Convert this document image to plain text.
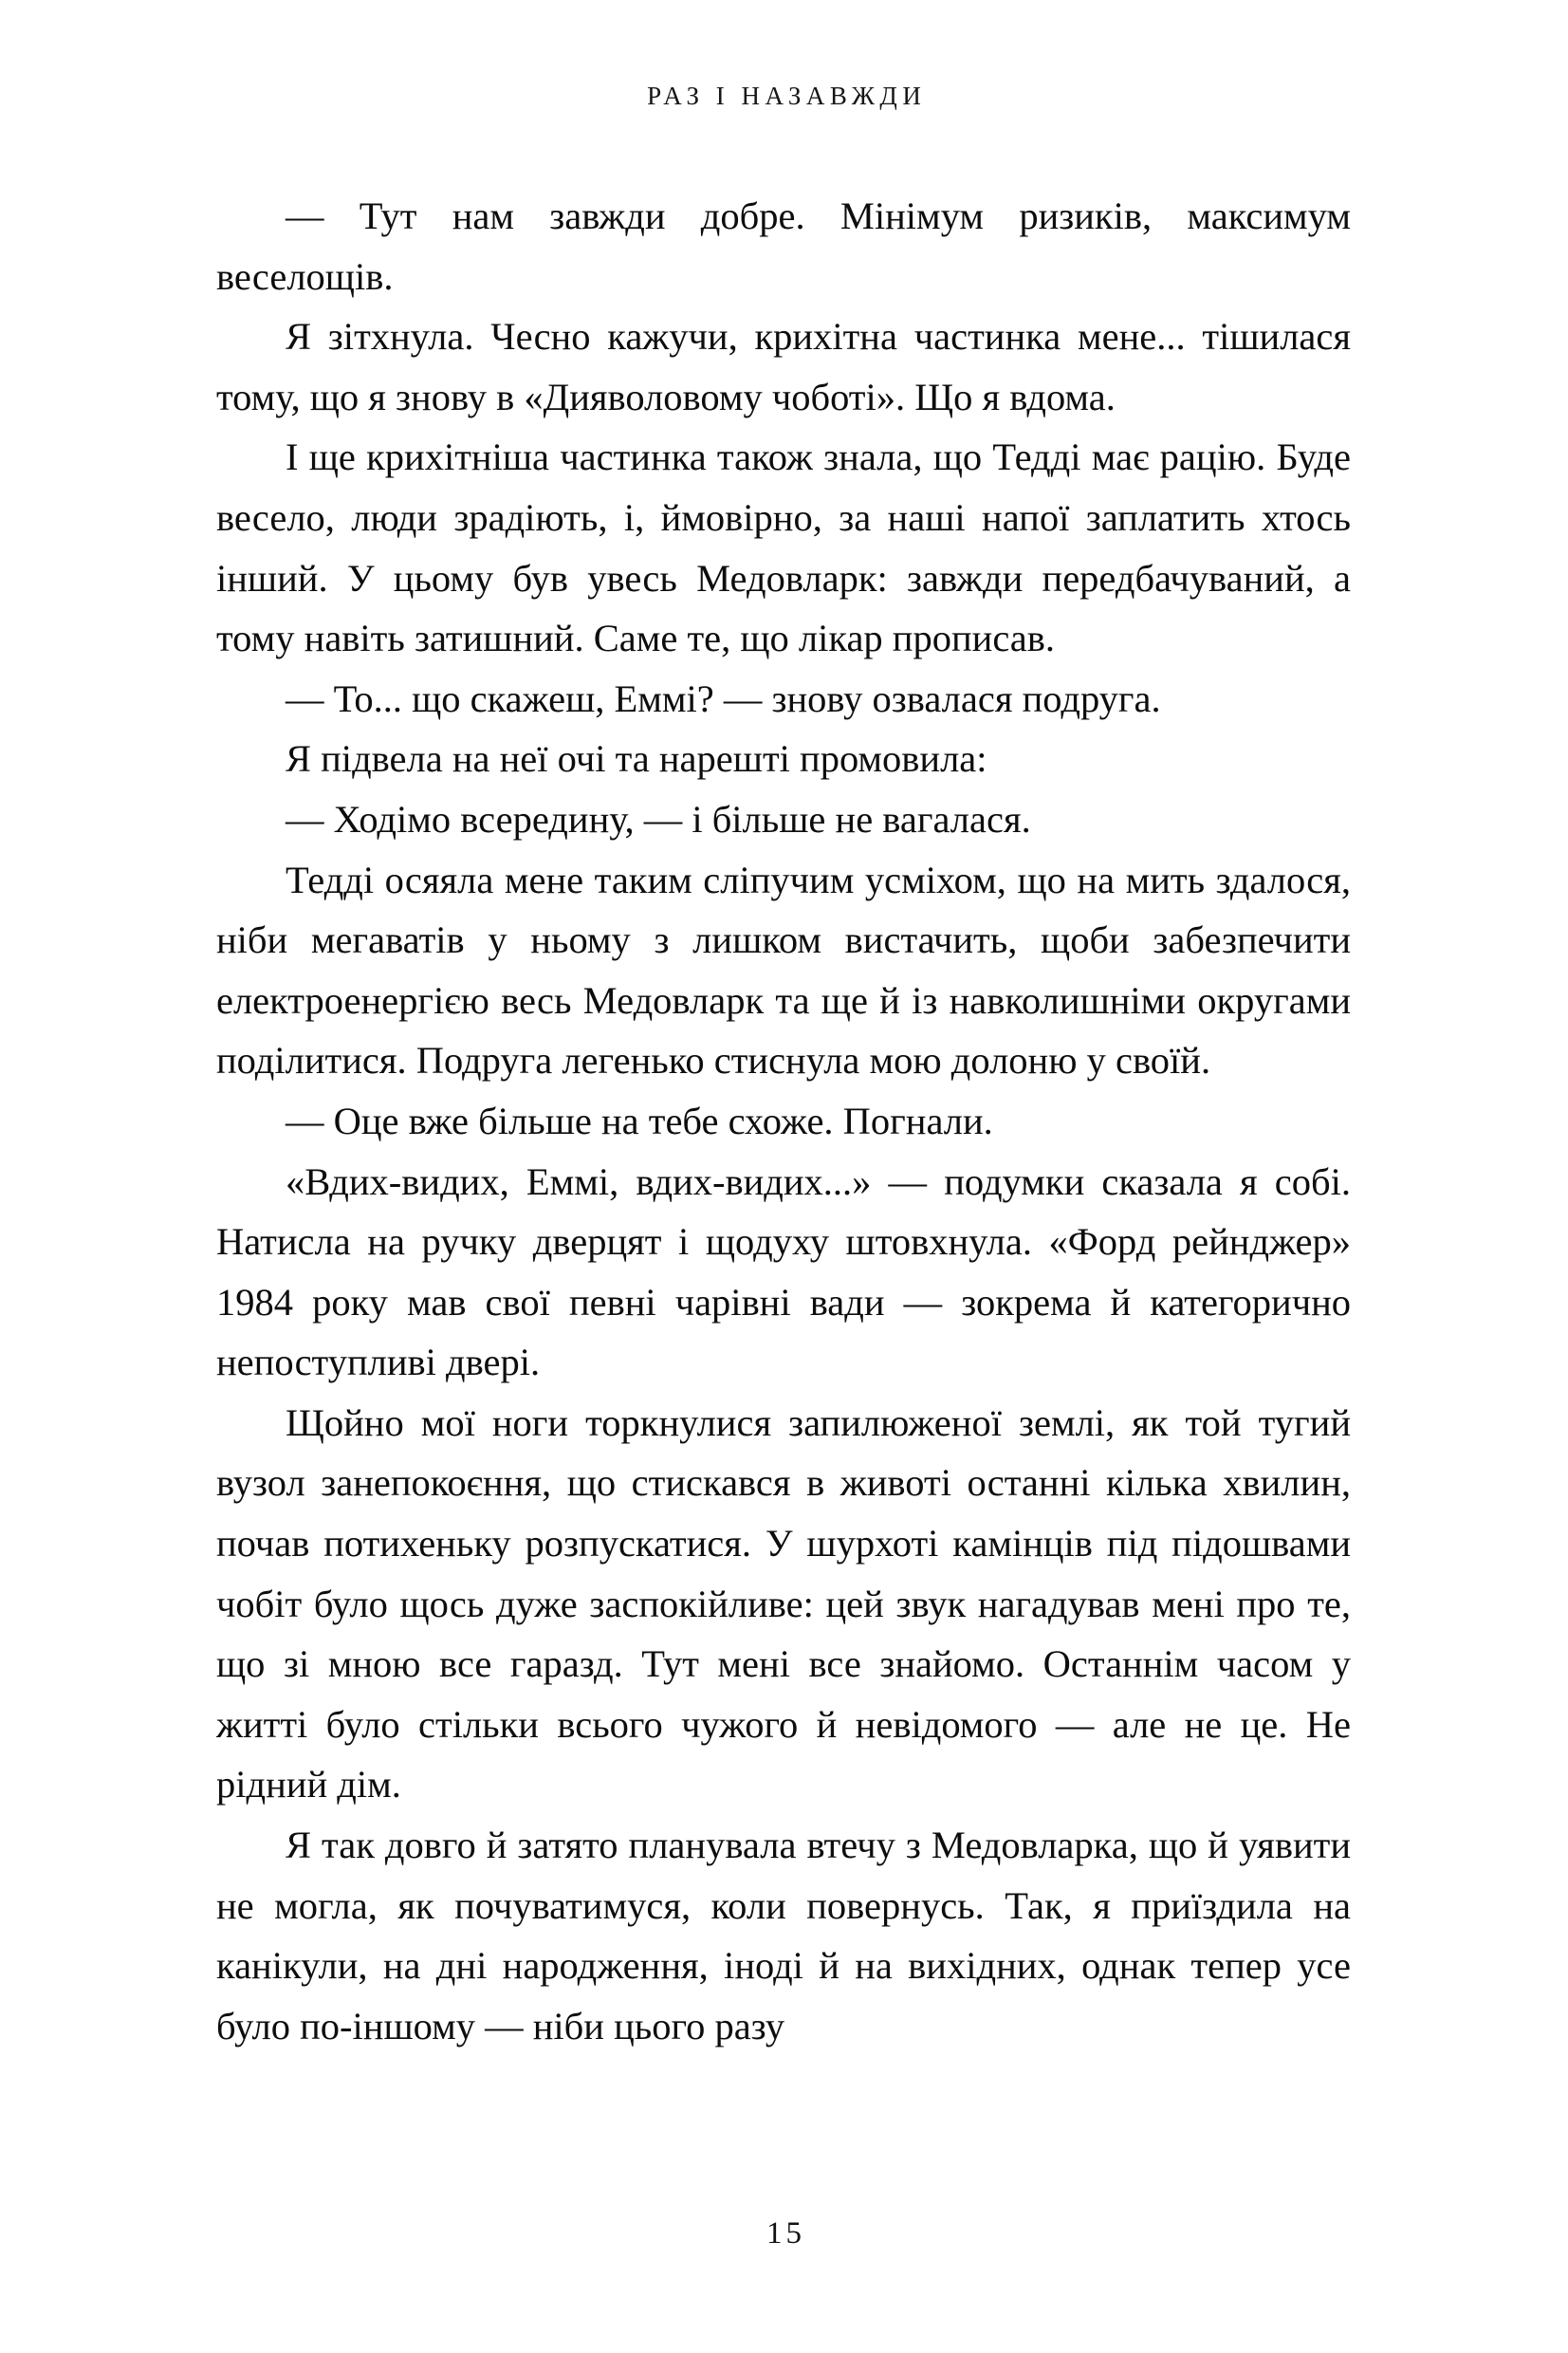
РАЗ І НАЗАВЖДИ

— Тут нам завжди добре. Мінімум ризиків, максимум веселощів.

Я зітхнула. Чесно кажучи, крихітна частинка мене... тішилася тому, що я знову в «Дияволовому чоботі». Що я вдома.

І ще крихітніша частинка також знала, що Тедді має рацію. Буде весело, люди зрадіють, і, ймовірно, за наші напої заплатить хтось інший. У цьому був увесь Медовларк: завжди передбачуваний, а тому навіть затишний. Саме те, що лікар прописав.

— То... що скажеш, Еммі? — знову озвалася подруга.

Я підвела на неї очі та нарешті промовила:

— Ходімо всередину, — і більше не вагалася.

Тедді осяяла мене таким сліпучим усміхом, що на мить здалося, ніби мегаватів у ньому з лишком вистачить, щоби забезпечити електроенергією весь Медовларк та ще й із навколишніми округами поділитися. Подруга легенько стиснула мою долоню у своїй.

— Оце вже більше на тебе схоже. Погнали.

«Вдих-видих, Еммі, вдих-видих...» — подумки сказала я собі. Натисла на ручку дверцят і щодуху штовхнула. «Форд рейнджер» 1984 року мав свої певні чарівні вади — зокрема й категорично непоступливі двері.

Щойно мої ноги торкнулися запилюженої землі, як той тугий вузол занепокоєння, що стискався в животі останні кілька хвилин, почав потихеньку розпускатися. У шурхоті камінців під підошвами чобіт було щось дуже заспокійливе: цей звук нагадував мені про те, що зі мною все гаразд. Тут мені все знайомо. Останнім часом у житті було стільки всього чужого й невідомого — але не це. Не рідний дім.

Я так довго й затято планувала втечу з Медовларка, що й уявити не могла, як почуватимуся, коли повернусь. Так, я приїздила на канікули, на дні народження, іноді й на вихідних, однак тепер усе було по-іншому — ніби цього разу

15
